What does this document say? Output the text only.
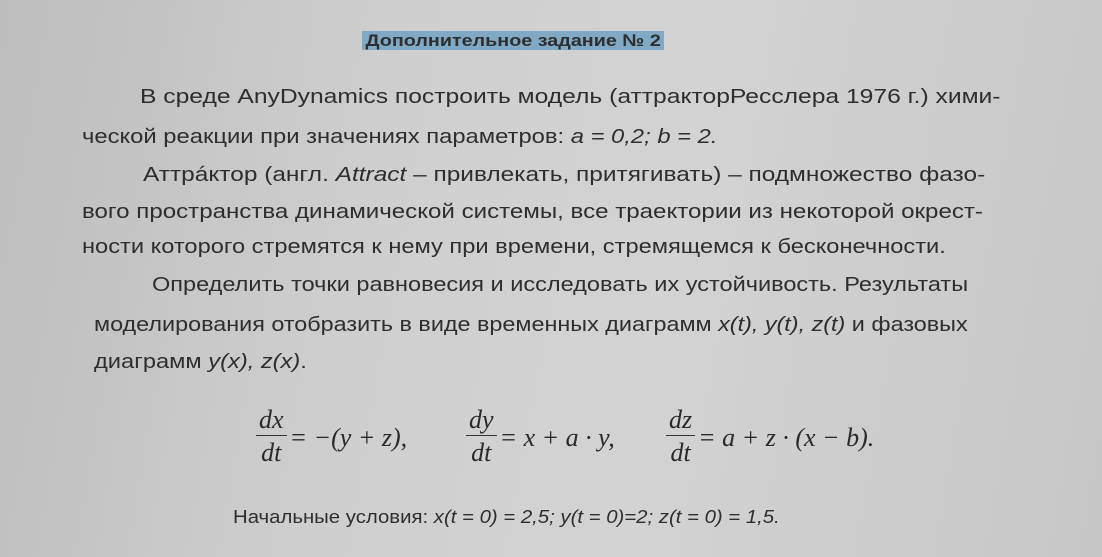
Дополнительное задание № 2
В среде AnyDynamics построить модель (аттракторРесслера 1976 г.) хими-
ческой реакции при значениях параметров: a = 0,2; b = 2.
Аттрáктор (англ. Attract – привлекать, притягивать) – подмножество фазо-
вого пространства динамической системы, все траектории из некоторой окрест-
ности которого стремятся к нему при времени, стремящемся к бесконечности.
Определить точки равновесия и исследовать их устойчивость. Результаты
моделирования отобразить в виде временных диаграмм x(t), y(t), z(t) и фазовых
диаграмм y(x), z(x).
$\frac{dx}{dt} = -(y + z)$, $\frac{dy}{dt} = x + a \cdot y$, $\frac{dz}{dt} = a + z \cdot (x - b)$.
Начальные условия: x(t = 0) = 2,5; y(t = 0)=2; z(t = 0) = 1,5.
